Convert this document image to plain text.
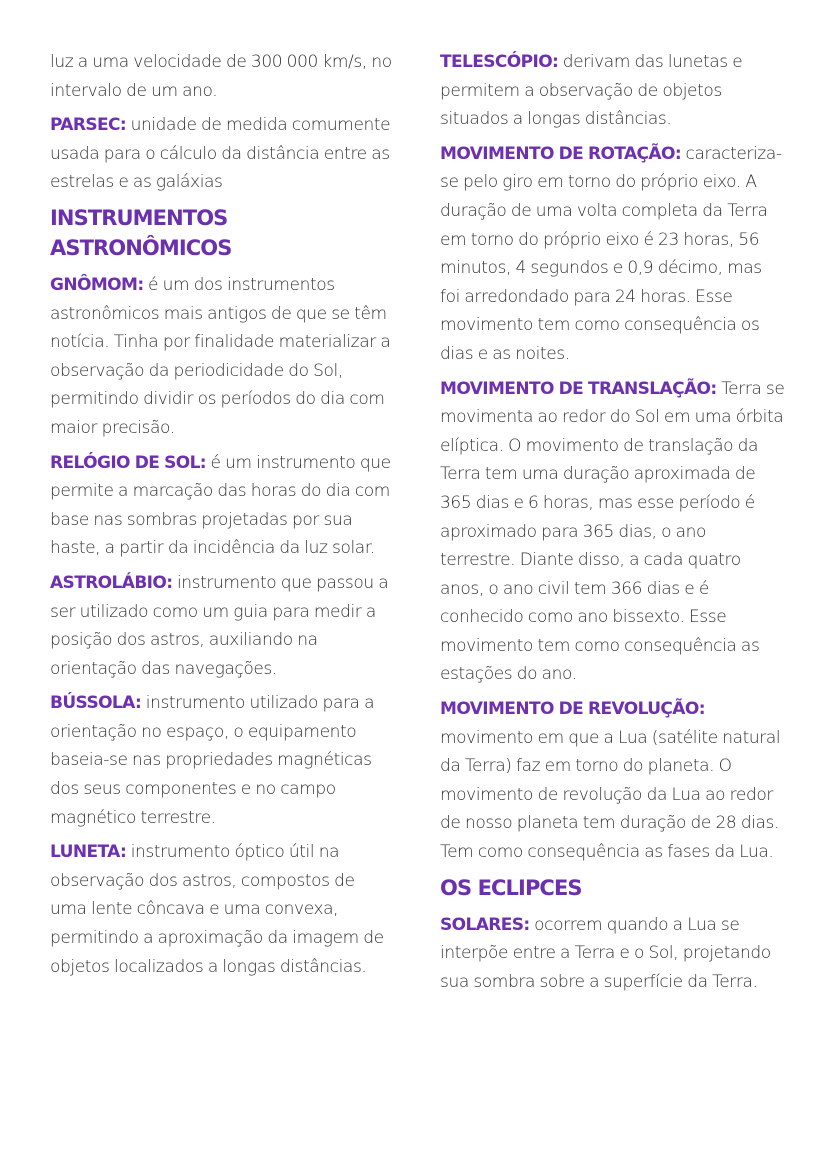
luz a uma velocidade de 300 000 km/s, no intervalo de um ano.

PARSEC: unidade de medida comumente usada para o cálculo da distância entre as estrelas e as galáxias

INSTRUMENTOS ASTRONÔMICOS

GNÔMOM: é um dos instrumentos astronômicos mais antigos de que se têm notícia. Tinha por finalidade materializar a observação da periodicidade do Sol, permitindo dividir os períodos do dia com maior precisão.

RELÓGIO DE SOL: é um instrumento que permite a marcação das horas do dia com base nas sombras projetadas por sua haste, a partir da incidência da luz solar.

ASTROLÁBIO: instrumento que passou a ser utilizado como um guia para medir a posição dos astros, auxiliando na orientação das navegações.

BÚSSOLA: instrumento utilizado para a orientação no espaço, o equipamento baseia-se nas propriedades magnéticas dos seus componentes e no campo magnético terrestre.

LUNETA: instrumento óptico útil na observação dos astros, compostos de uma lente côncava e uma convexa, permitindo a aproximação da imagem de objetos localizados a longas distâncias.

TELESCÓPIO: derivam das lunetas e permitem a observação de objetos situados a longas distâncias.

MOVIMENTO DE ROTAÇÃO: caracteriza-se pelo giro em torno do próprio eixo. A duração de uma volta completa da Terra em torno do próprio eixo é 23 horas, 56 minutos, 4 segundos e 0,9 décimo, mas foi arredondado para 24 horas. Esse movimento tem como consequência os dias e as noites.

MOVIMENTO DE TRANSLAÇÃO: Terra se movimenta ao redor do Sol em uma órbita elíptica. O movimento de translação da Terra tem uma duração aproximada de 365 dias e 6 horas, mas esse período é aproximado para 365 dias, o ano terrestre. Diante disso, a cada quatro anos, o ano civil tem 366 dias e é conhecido como ano bissexto. Esse movimento tem como consequência as estações do ano.

MOVIMENTO DE REVOLUÇÃO: movimento em que a Lua (satélite natural da Terra) faz em torno do planeta. O movimento de revolução da Lua ao redor de nosso planeta tem duração de 28 dias. Tem como consequência as fases da Lua.

OS ECLIPCES

SOLARES: ocorrem quando a Lua se interpõe entre a Terra e o Sol, projetando sua sombra sobre a superfície da Terra.
